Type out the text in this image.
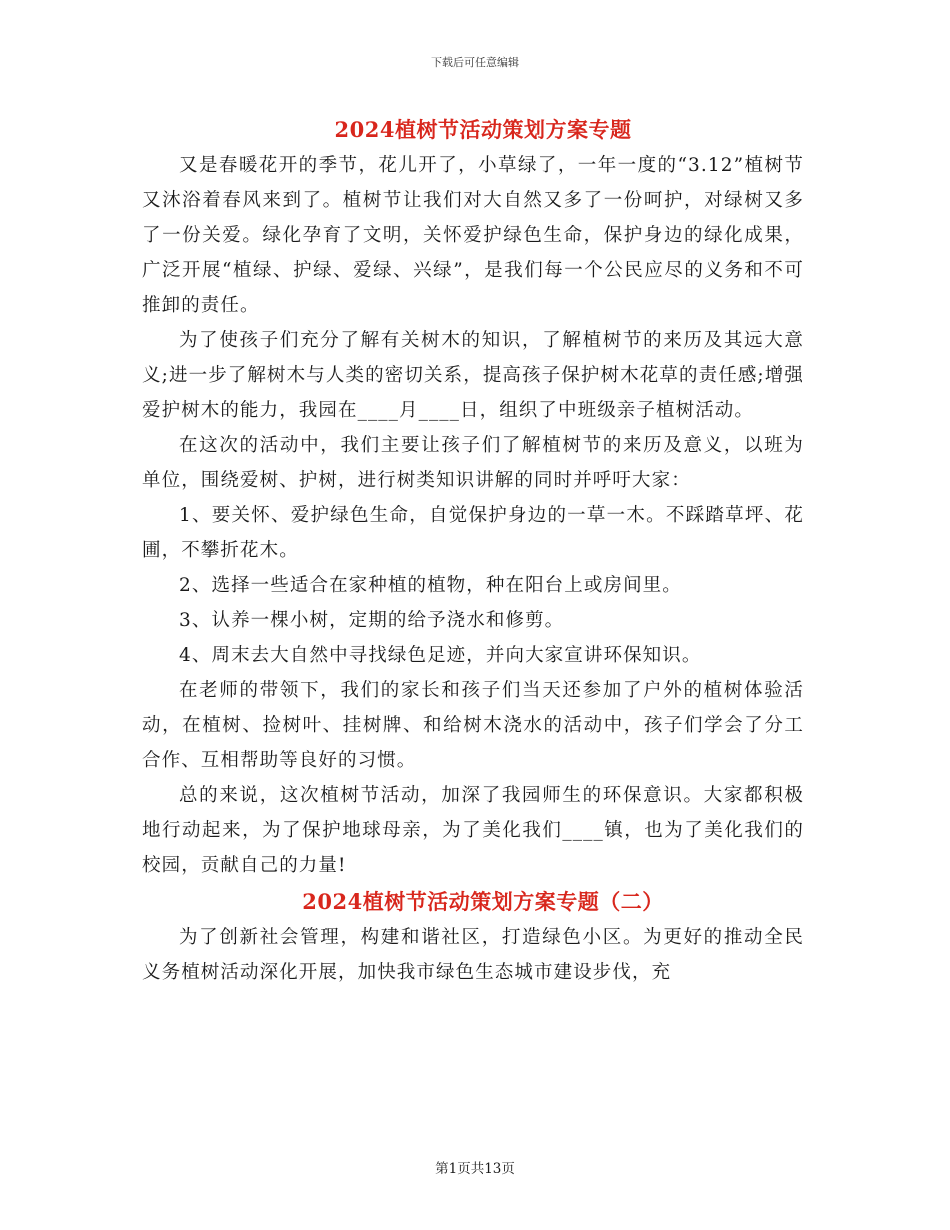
下载后可任意编辑
2024植树节活动策划方案专题

又是春暖花开的季节，花儿开了，小草绿了，一年一度的“3.12”植树节又沐浴着春风来到了。植树节让我们对大自然又多了一份呵护，对绿树又多了一份关爱。绿化孕育了文明，关怀爱护绿色生命，保护身边的绿化成果，广泛开展“植绿、护绿、爱绿、兴绿”，是我们每一个公民应尽的义务和不可推卸的责任。

为了使孩子们充分了解有关树木的知识，了解植树节的来历及其远大意义;进一步了解树木与人类的密切关系，提高孩子保护树木花草的责任感;增强爱护树木的能力，我园在____月____日，组织了中班级亲子植树活动。

在这次的活动中，我们主要让孩子们了解植树节的来历及意义，以班为单位，围绕爱树、护树，进行树类知识讲解的同时并呼吁大家：

1、要关怀、爱护绿色生命，自觉保护身边的一草一木。不踩踏草坪、花圃，不攀折花木。

2、选择一些适合在家种植的植物，种在阳台上或房间里。

3、认养一棵小树，定期的给予浇水和修剪。

4、周末去大自然中寻找绿色足迹，并向大家宣讲环保知识。

在老师的带领下，我们的家长和孩子们当天还参加了户外的植树体验活动，在植树、捡树叶、挂树牌、和给树木浇水的活动中，孩子们学会了分工合作、互相帮助等良好的习惯。

总的来说，这次植树节活动，加深了我园师生的环保意识。大家都积极地行动起来，为了保护地球母亲，为了美化我们____镇，也为了美化我们的校园，贡献自己的力量!

2024植树节活动策划方案专题（二）

为了创新社会管理，构建和谐社区，打造绿色小区。为更好的推动全民义务植树活动深化开展，加快我市绿色生态城市建设步伐，充

第1页共13页
